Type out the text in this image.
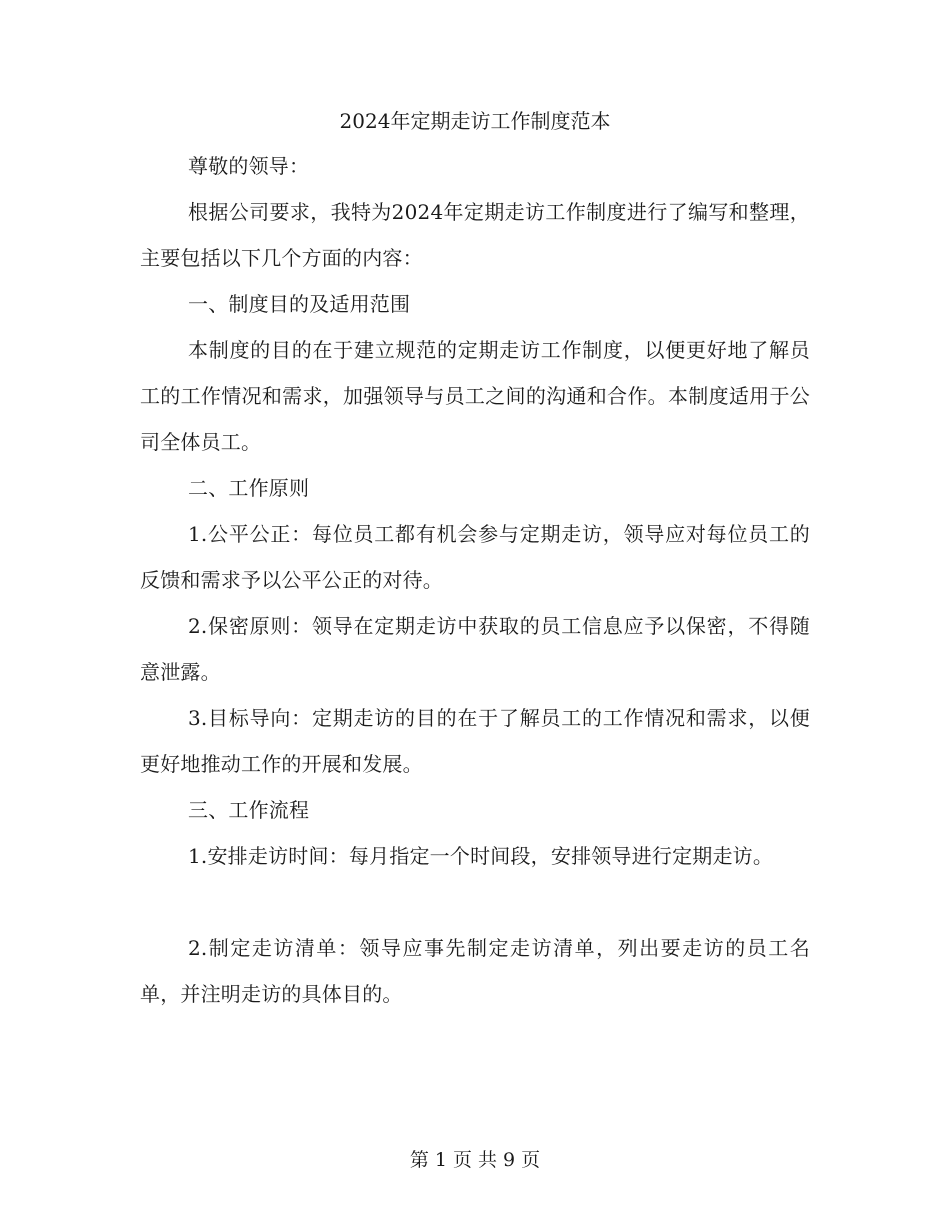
2024年定期走访工作制度范本

尊敬的领导：

根据公司要求，我特为2024年定期走访工作制度进行了编写和整理，主要包括以下几个方面的内容：

一、制度目的及适用范围

本制度的目的在于建立规范的定期走访工作制度，以便更好地了解员工的工作情况和需求，加强领导与员工之间的沟通和合作。本制度适用于公司全体员工。

二、工作原则

1.公平公正：每位员工都有机会参与定期走访，领导应对每位员工的反馈和需求予以公平公正的对待。

2.保密原则：领导在定期走访中获取的员工信息应予以保密，不得随意泄露。

3.目标导向：定期走访的目的在于了解员工的工作情况和需求，以便更好地推动工作的开展和发展。

三、工作流程

1.安排走访时间：每月指定一个时间段，安排领导进行定期走访。

2.制定走访清单：领导应事先制定走访清单，列出要走访的员工名单，并注明走访的具体目的。

第 1 页 共 9 页
